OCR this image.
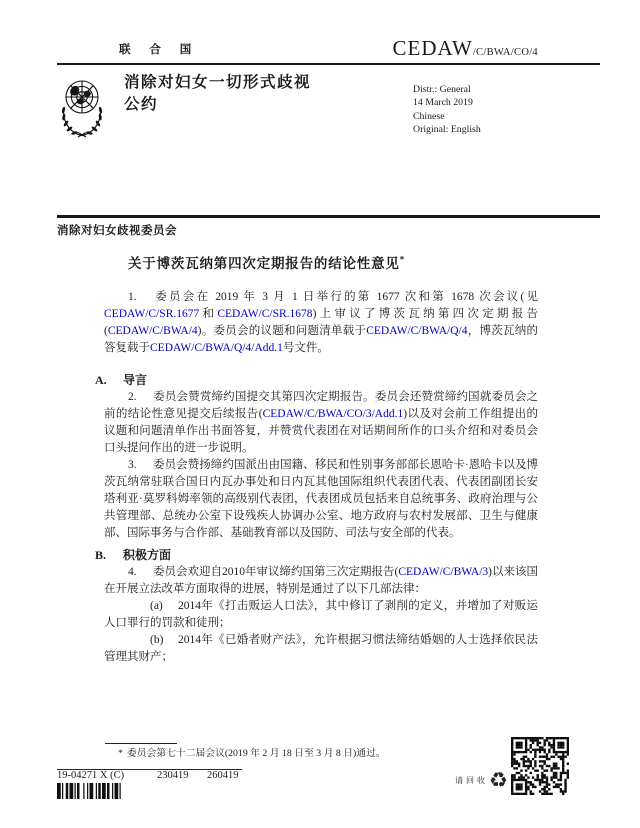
联 合 国	CEDAW/C/BWA/CO/4
消除对妇女一切形式歧视
公约
Distr.: General
14 March 2019
Chinese
Original: English
消除对妇女歧视委员会
关于博茨瓦纳第四次定期报告的结论性意见*

1. 委员会在 2019 年 3 月 1 日举行的第 1677 次和第 1678 次会议(见CEDAW/C/SR.1677和CEDAW/C/SR.1678)上审议了博茨瓦纳第四次定期报告(CEDAW/C/BWA/4)。委员会的议题和问题清单载于CEDAW/C/BWA/Q/4，博茨瓦纳的答复载于CEDAW/C/BWA/Q/4/Add.1号文件。

A. 导言

2. 委员会赞赏缔约国提交其第四次定期报告。委员会还赞赏缔约国就委员会之前的结论性意见提交后续报告(CEDAW/C/BWA/CO/3/Add.1)以及对会前工作组提出的议题和问题清单作出书面答复，并赞赏代表团在对话期间所作的口头介绍和对委员会口头提问作出的进一步说明。

3. 委员会赞扬缔约国派出由国籍、移民和性别事务部部长恩哈卡·恩哈卡以及博茨瓦纳常驻联合国日内瓦办事处和日内瓦其他国际组织代表团代表、代表团副团长安塔利亚·莫罗科姆率领的高级别代表团，代表团成员包括来自总统事务、政府治理与公共管理部、总统办公室下设残疾人协调办公室、地方政府与农村发展部、卫生与健康部、国际事务与合作部、基础教育部以及国防、司法与安全部的代表。

B. 积极方面

4. 委员会欢迎自2010年审议缔约国第三次定期报告(CEDAW/C/BWA/3)以来该国在开展立法改革方面取得的进展，特别是通过了以下几部法律：

(a) 2014年《打击贩运人口法》，其中修订了剥削的定义，并增加了对贩运人口罪行的罚款和徒刑；

(b) 2014年《已婚者财产法》，允许根据习惯法缔结婚姻的人士选择依民法管理其财产；

* 委员会第七十二届会议(2019 年 2 月 18 日至 3 月 8 日)通过。
19-04271 X (C)	230419 260419	请回收 ♻
